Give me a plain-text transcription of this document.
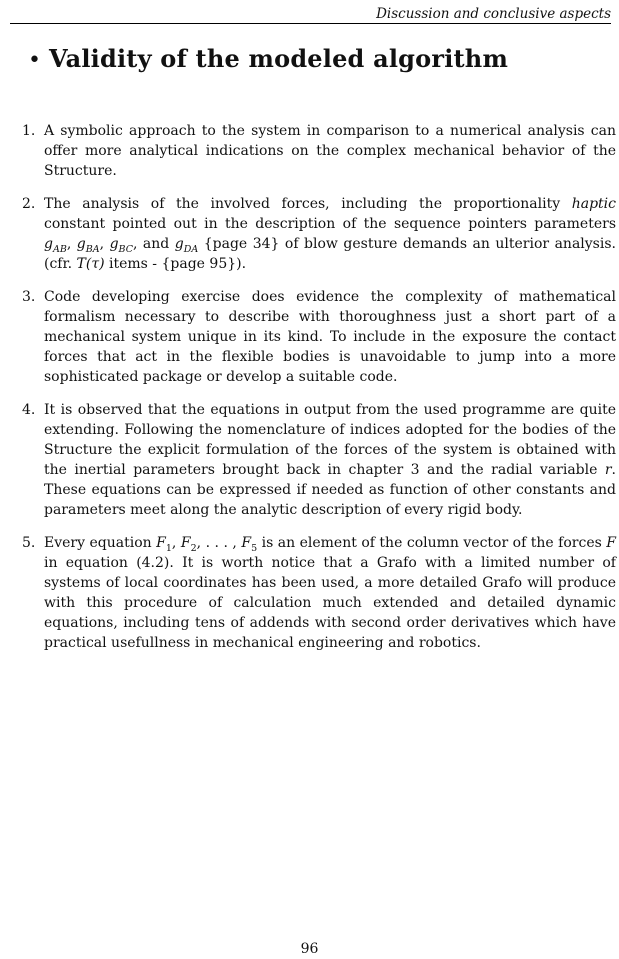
Discussion and conclusive aspects
• Validity of the modeled algorithm
1. A symbolic approach to the system in comparison to a numerical analysis can offer more analytical indications on the complex mechanical behavior of the Structure.
2. The analysis of the involved forces, including the proportionality haptic constant pointed out in the description of the sequence pointers parameters $g_{AB}$, $g_{BA}$, $g_{BC}$, and $g_{DA}$ {page 34} of blow gesture demands an ulterior analysis. (cfr. T(τ) items - {page 95}).
3. Code developing exercise does evidence the complexity of mathematical formalism necessary to describe with thoroughness just a short part of a mechanical system unique in its kind. To include in the exposure the contact forces that act in the flexible bodies is unavoidable to jump into a more sophisticated package or develop a suitable code.
4. It is observed that the equations in output from the used programme are quite extending. Following the nomenclature of indices adopted for the bodies of the Structure the explicit formulation of the forces of the system is obtained with the inertial parameters brought back in chapter 3 and the radial variable r. These equations can be expressed if needed as function of other constants and parameters meet along the analytic description of every rigid body.
5. Every equation $F_1$, $F_2$, . . . , $F_5$ is an element of the column vector of the forces F in equation (4.2). It is worth notice that a Grafo with a limited number of systems of local coordinates has been used, a more detailed Grafo will produce with this procedure of calculation much extended and detailed dynamic equations, including tens of addends with second order derivatives which have practical usefullness in mechanical engineering and robotics.
96
